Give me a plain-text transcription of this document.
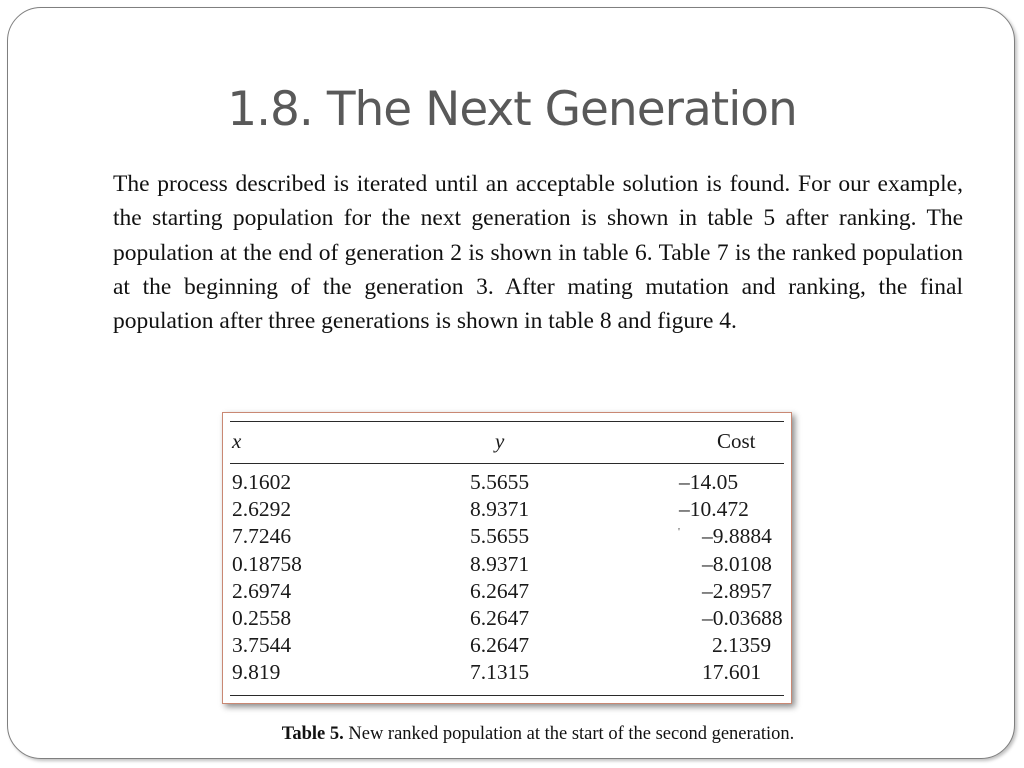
1.8. The Next Generation

The process described is iterated until an acceptable solution is found. For our example, the starting population for the next generation is shown in table 5 after ranking. The population at the end of generation 2 is shown in table 6. Table 7 is the ranked population at the beginning of the generation 3. After mating mutation and ranking, the final population after three generations is shown in table 8 and figure 4.

x	y	Cost
'
9.1602	5.5655	–14.05
2.6292	8.9371	–10.472
7.7246	5.5655	–9.8884
0.18758	8.9371	–8.0108
2.6974	6.2647	–2.8957
0.2558	6.2647	–0.03688
3.7544	6.2647	2.1359
9.819	7.1315	17.601
Table 5. New ranked population at the start of the second generation.
